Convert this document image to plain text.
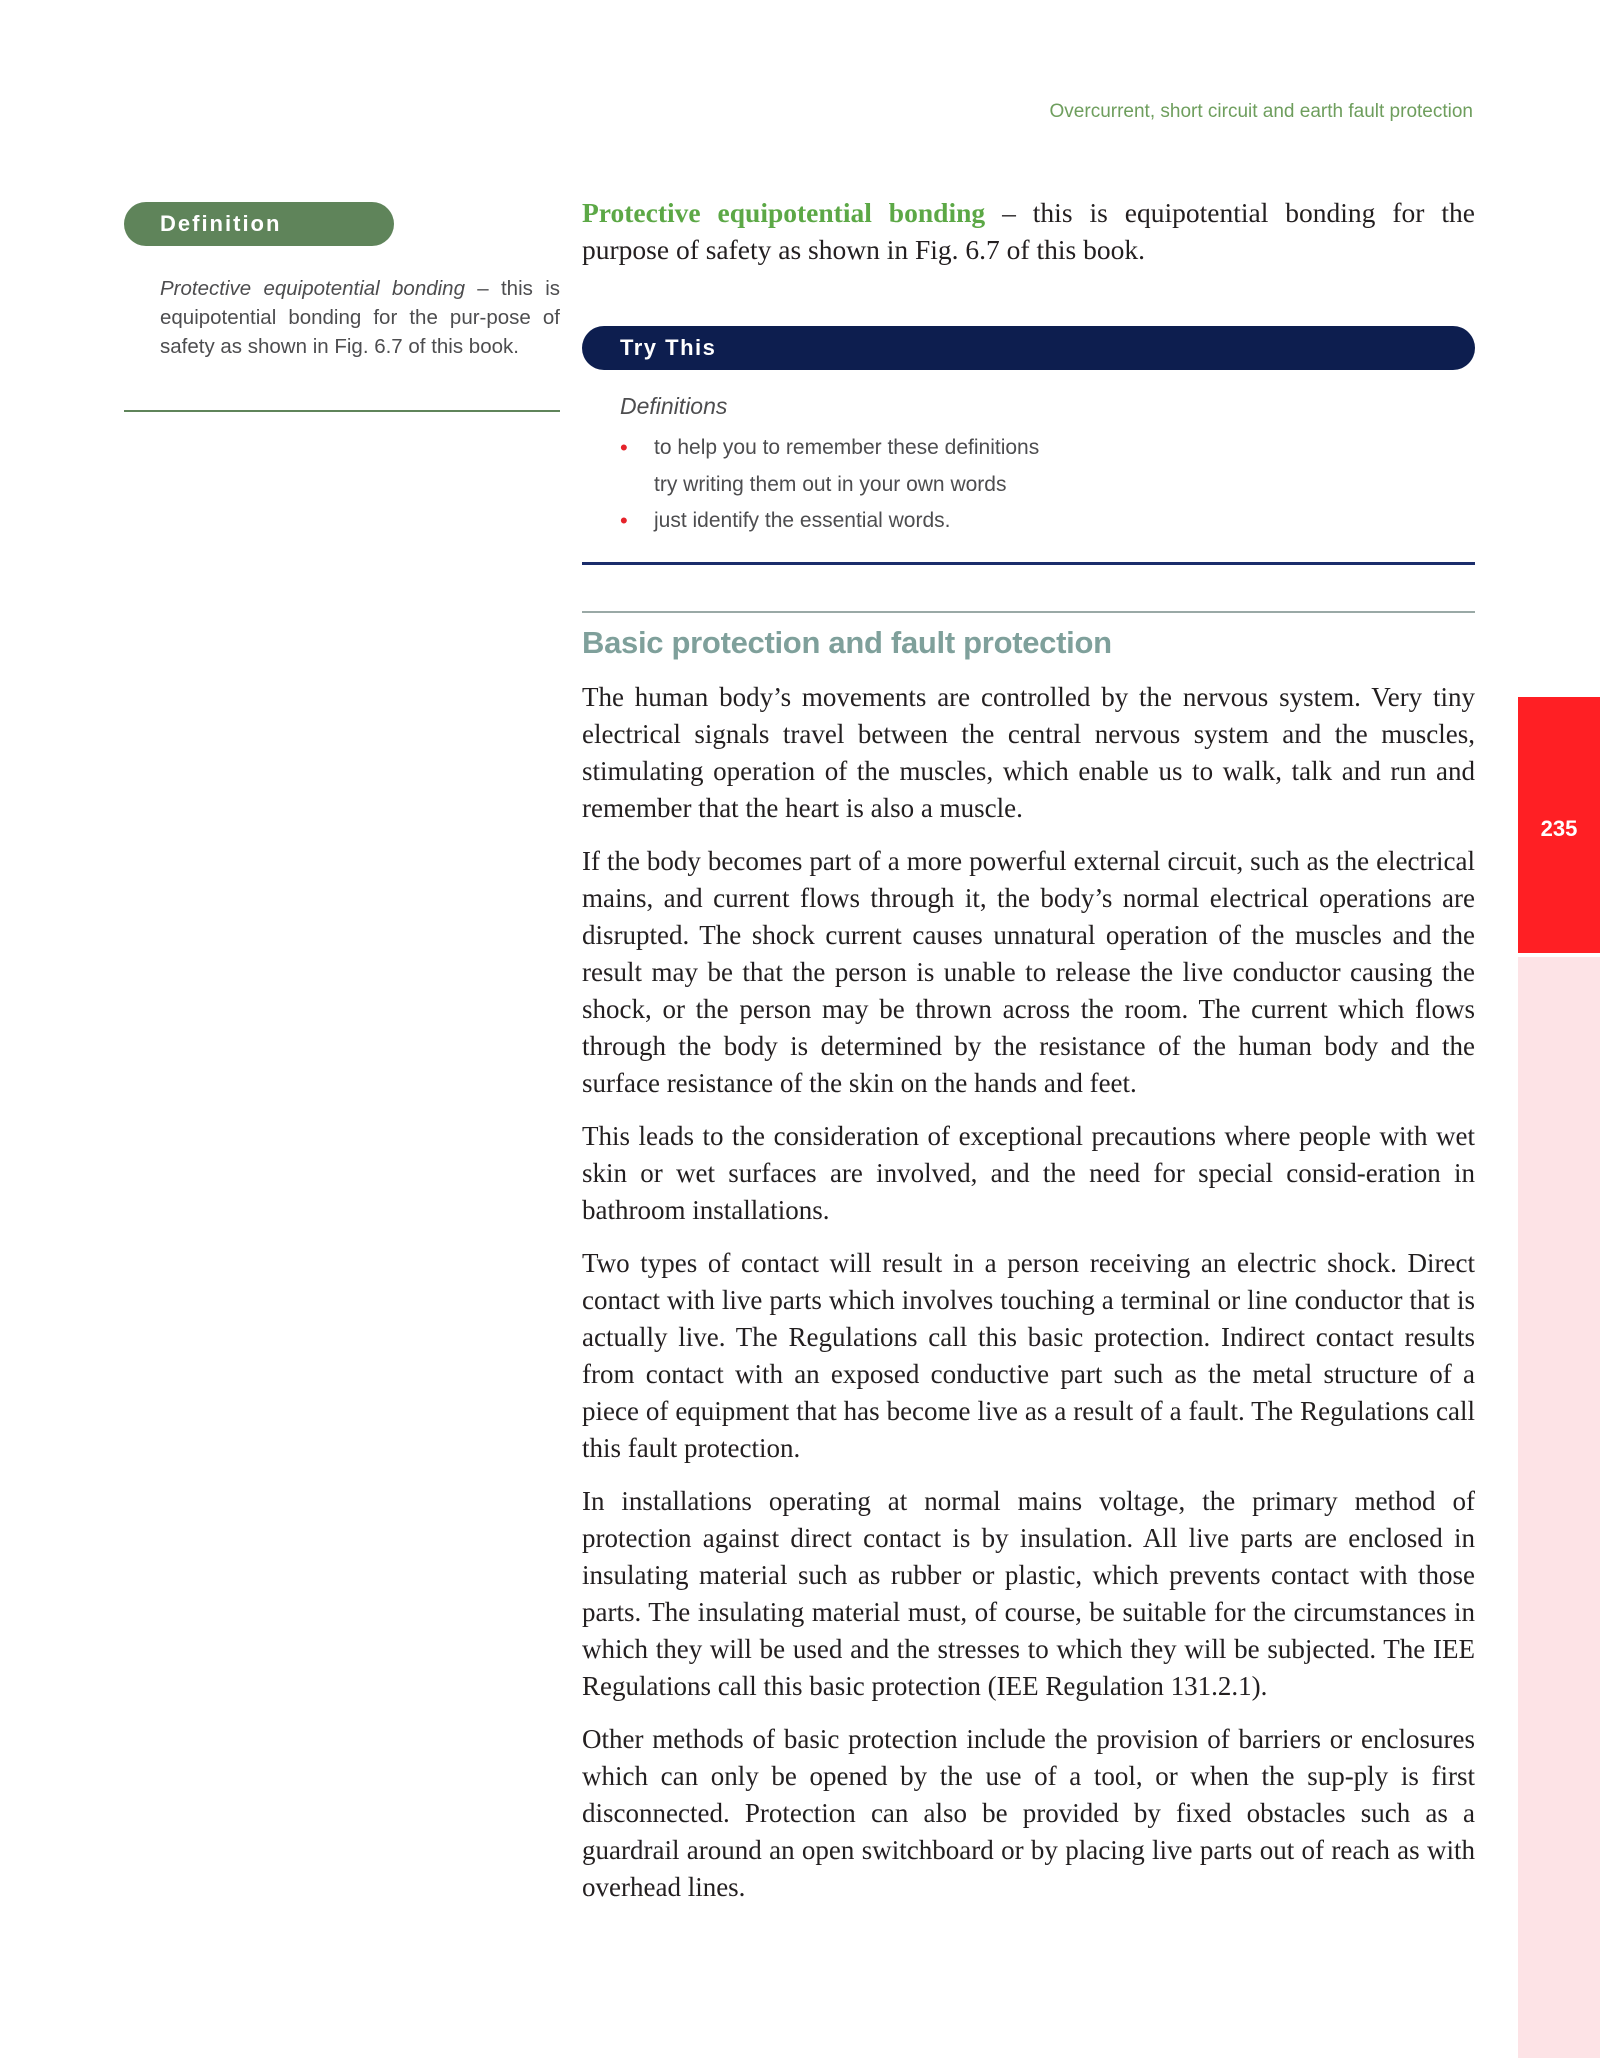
Overcurrent, short circuit and earth fault protection
Definition

Protective equipotential bonding – this is equipotential bonding for the pur-pose of safety as shown in Fig. 6.7 of this book.

Protective equipotential bonding – this is equipotential bonding for the purpose of safety as shown in Fig. 6.7 of this book.

Try This
Definitions
• to help you to remember these definitions
try writing them out in your own words
• just identify the essential words.
Basic protection and fault protection

The human body’s movements are controlled by the nervous system. Very tiny electrical signals travel between the central nervous system and the muscles, stimulating operation of the muscles, which enable us to walk, talk and run and remember that the heart is also a muscle.

If the body becomes part of a more powerful external circuit, such as the electrical mains, and current flows through it, the body’s normal electrical operations are disrupted. The shock current causes unnatural operation of the muscles and the result may be that the person is unable to release the live conductor causing the shock, or the person may be thrown across the room. The current which flows through the body is determined by the resistance of the human body and the surface resistance of the skin on the hands and feet.

This leads to the consideration of exceptional precautions where people with wet skin or wet surfaces are involved, and the need for special consid-eration in bathroom installations.

Two types of contact will result in a person receiving an electric shock. Direct contact with live parts which involves touching a terminal or line conductor that is actually live. The Regulations call this basic protection. Indirect contact results from contact with an exposed conductive part such as the metal structure of a piece of equipment that has become live as a result of a fault. The Regulations call this fault protection.

In installations operating at normal mains voltage, the primary method of protection against direct contact is by insulation. All live parts are enclosed in insulating material such as rubber or plastic, which prevents contact with those parts. The insulating material must, of course, be suitable for the circumstances in which they will be used and the stresses to which they will be subjected. The IEE Regulations call this basic protection (IEE Regulation 131.2.1).

Other methods of basic protection include the provision of barriers or enclosures which can only be opened by the use of a tool, or when the sup-ply is first disconnected. Protection can also be provided by fixed obstacles such as a guardrail around an open switchboard or by placing live parts out of reach as with overhead lines.

235
